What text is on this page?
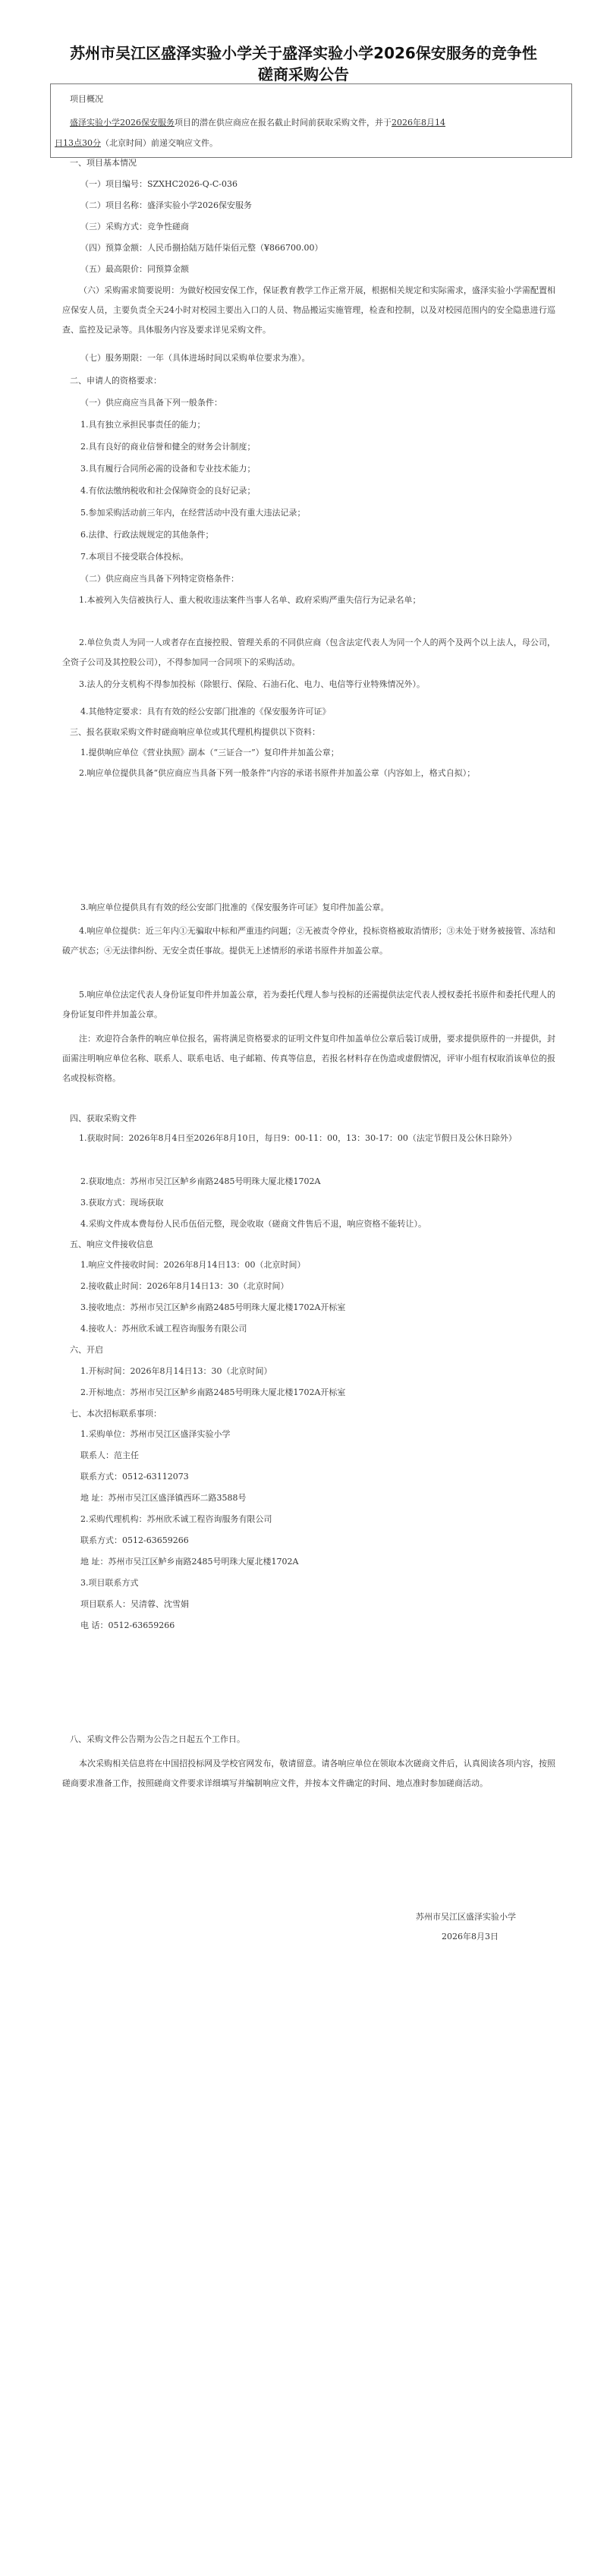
苏州市吴江区盛泽实验小学关于盛泽实验小学2026保安服务的竞争性
磋商采购公告
项目概况
盛泽实验小学2026保安服务项目的潜在供应商应在报名截止时间前获取采购文件，并于2026年8月14
日13点30分（北京时间）前递交响应文件。
一、项目基本情况
（一）项目编号：SZXHC2026-Q-C-036
（二）项目名称：盛泽实验小学2026保安服务
（三）采购方式：竞争性磋商
（四）预算金额：人民币捌拾陆万陆仟柒佰元整（¥866700.00）
（五）最高限价：同预算金额
（六）采购需求简要说明：为做好校园安保工作，保证教育教学工作正常开展，根据相关规定和实际需求，盛泽实验小学需配置相应保安人员，主要负责全天24小时对校园主要出入口的人员、物品搬运实施管理，检查和控制，以及对校园范围内的安全隐患进行巡查、监控及记录等。具体服务内容及要求详见采购文件。
（七）服务期限：一年（具体进场时间以采购单位要求为准）。
二、申请人的资格要求：
（一）供应商应当具备下列一般条件：
1.具有独立承担民事责任的能力；
2.具有良好的商业信誉和健全的财务会计制度；
3.具有履行合同所必需的设备和专业技术能力；
4.有依法缴纳税收和社会保障资金的良好记录；
5.参加采购活动前三年内，在经营活动中没有重大违法记录；
6.法律、行政法规规定的其他条件；
7.本项目不接受联合体投标。
（二）供应商应当具备下列特定资格条件：
1.本被列入失信被执行人、重大税收违法案件当事人名单、政府采购严重失信行为记录名单；
2.单位负责人为同一人或者存在直接控股、管理关系的不同供应商（包含法定代表人为同一个人的两个及两个以上法人，母公司，全资子公司及其控股公司），不得参加同一合同项下的采购活动。
3.法人的分支机构不得参加投标（除银行、保险、石油石化、电力、电信等行业特殊情况外）。
4.其他特定要求：具有有效的经公安部门批准的《保安服务许可证》
三、报名获取采购文件时磋商响应单位或其代理机构提供以下资料：
1.提供响应单位《营业执照》副本（“三证合一”）复印件并加盖公章；
2.响应单位提供具备“供应商应当具备下列一般条件”内容的承诺书原件并加盖公章（内容如上，格式自拟）；
3.响应单位提供具有有效的经公安部门批准的《保安服务许可证》复印件加盖公章。
4.响应单位提供：近三年内①无骗取中标和严重违约问题；②无被责令停业，投标资格被取消情形；③未处于财务被接管、冻结和破产状态；④无法律纠纷、无安全责任事故。提供无上述情形的承诺书原件并加盖公章。
5.响应单位法定代表人身份证复印件并加盖公章，若为委托代理人参与投标的还需提供法定代表人授权委托书原件和委托代理人的身份证复印件并加盖公章。
注：欢迎符合条件的响应单位报名，需将满足资格要求的证明文件复印件加盖单位公章后装订成册，要求提供原件的一并提供，封面需注明响应单位名称、联系人、联系电话、电子邮箱、传真等信息，若报名材料存在伪造或虚假情况，评审小组有权取消该单位的报名或投标资格。
四、获取采购文件
1.获取时间：2026年8月4日至2026年8月10日，每日9：00-11：00，13：30-17：00（法定节假日及公休日除外）
2.获取地点：苏州市吴江区鲈乡南路2485号明珠大厦北楼1702A
3.获取方式：现场获取
4.采购文件成本费每份人民币伍佰元整，现金收取（磋商文件售后不退，响应资格不能转让）。
五、响应文件接收信息
1.响应文件接收时间：2026年8月14日13：00（北京时间）
2.接收截止时间：2026年8月14日13：30（北京时间）
3.接收地点：苏州市吴江区鲈乡南路2485号明珠大厦北楼1702A开标室
4.接收人：苏州欣禾诚工程咨询服务有限公司
六、开启
1.开标时间：2026年8月14日13：30（北京时间）
2.开标地点：苏州市吴江区鲈乡南路2485号明珠大厦北楼1702A开标室
七、本次招标联系事项：
1.采购单位：苏州市吴江区盛泽实验小学
联系人：范主任
联系方式：0512-63112073
地 址：苏州市吴江区盛泽镇西环二路3588号
2.采购代理机构：苏州欣禾诚工程咨询服务有限公司
联系方式：0512-63659266
地 址：苏州市吴江区鲈乡南路2485号明珠大厦北楼1702A
3.项目联系方式
项目联系人：吴清蓉、沈雪娟
电 话：0512-63659266
八、采购文件公告期为公告之日起五个工作日。
本次采购相关信息将在中国招投标网及学校官网发布，敬请留意。请各响应单位在领取本次磋商文件后，认真阅读各项内容，按照磋商要求准备工作，按照磋商文件要求详细填写并编制响应文件，并按本文件确定的时间、地点准时参加磋商活动。
苏州市吴江区盛泽实验小学
2026年8月3日
